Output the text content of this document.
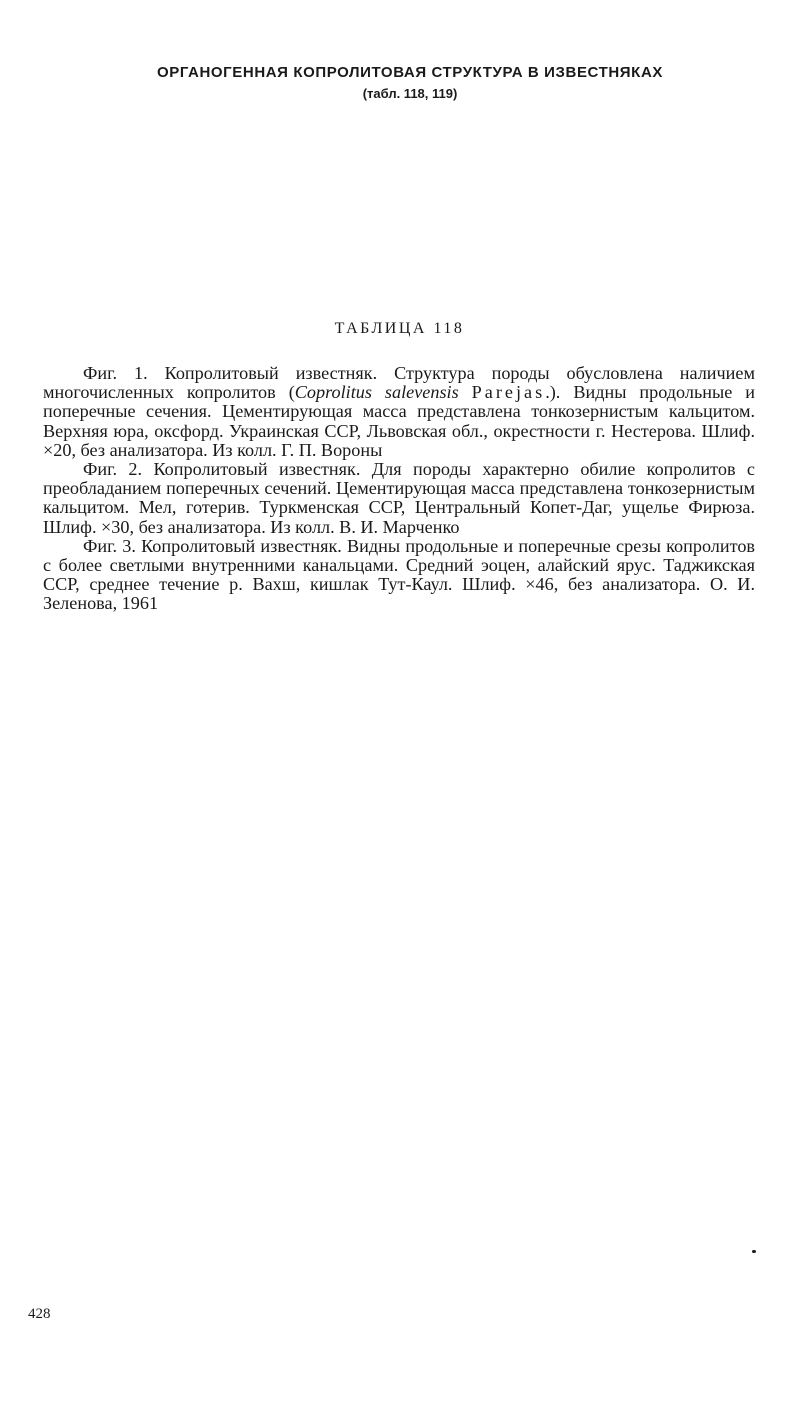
ОРГАНОГЕННАЯ КОПРОЛИТОВАЯ СТРУКТУРА В ИЗВЕСТНЯКАХ
(табл. 118, 119)
ТАБЛИЦА 118

Фиг. 1. Копролитовый известняк. Структура породы обусловлена наличием многочисленных копролитов (Coprolitus salevensis Parejas.). Видны продольные и поперечные сечения. Цементирующая масса представлена тонкозернистым кальцитом. Верхняя юра, оксфорд. Украинская ССР, Львовская обл., окрестности г. Нестерова. Шлиф. ×20, без анализатора. Из колл. Г. П. Вороны

Фиг. 2. Копролитовый известняк. Для породы характерно обилие копролитов с преобладанием поперечных сечений. Цементирующая масса представлена тонкозернистым кальцитом. Мел, готерив. Туркменская ССР, Центральный Копет-Даг, ущелье Фирюза. Шлиф. ×30, без анализатора. Из колл. В. И. Марченко

Фиг. 3. Копролитовый известняк. Видны продольные и поперечные срезы копролитов с более светлыми внутренними канальцами. Средний эоцен, алайский ярус. Таджикская ССР, среднее течение р. Вахш, кишлак Тут-Каул. Шлиф. ×46, без анализатора. О. И. Зеленова, 1961

428
